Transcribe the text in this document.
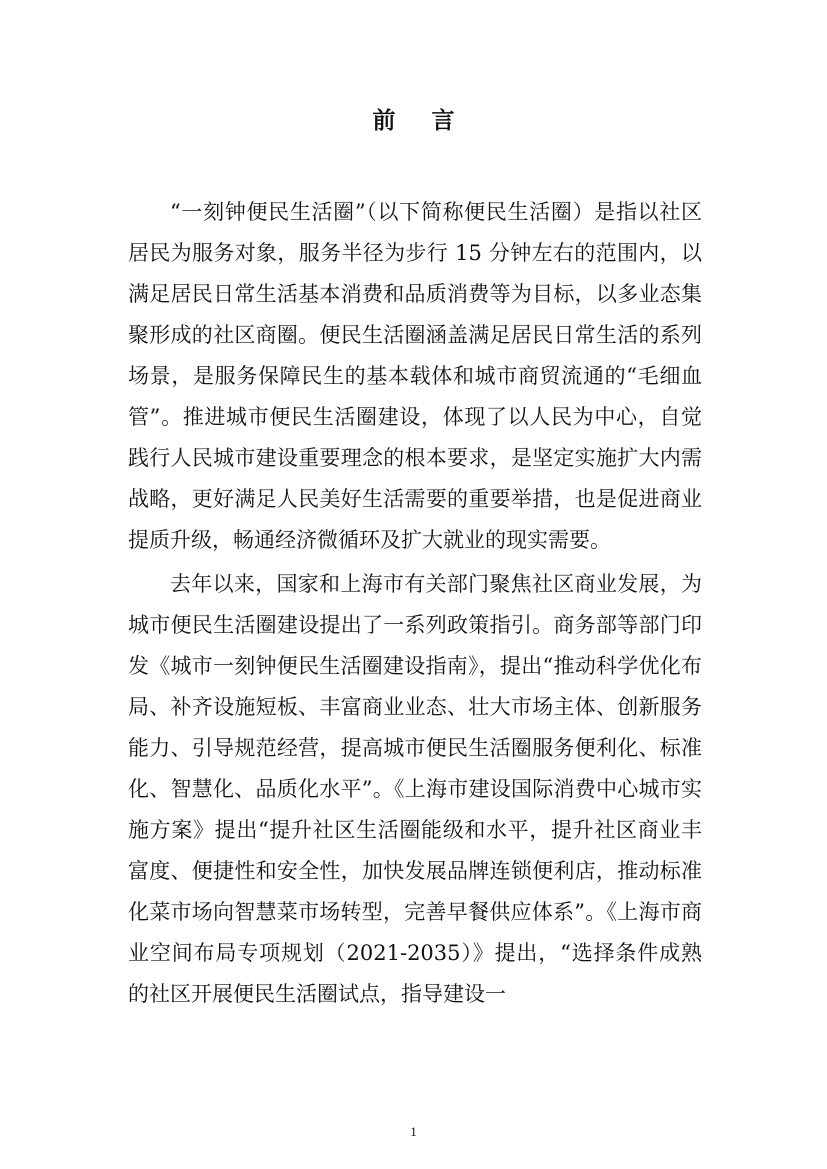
前 言

“一刻钟便民生活圈”（以下简称便民生活圈）是指以社区居民为服务对象，服务半径为步行 15 分钟左右的范围内，以满足居民日常生活基本消费和品质消费等为目标，以多业态集聚形成的社区商圈。便民生活圈涵盖满足居民日常生活的系列场景，是服务保障民生的基本载体和城市商贸流通的“毛细血管”。推进城市便民生活圈建设，体现了以人民为中心，自觉践行人民城市建设重要理念的根本要求，是坚定实施扩大内需战略，更好满足人民美好生活需要的重要举措，也是促进商业提质升级，畅通经济微循环及扩大就业的现实需要。

去年以来，国家和上海市有关部门聚焦社区商业发展，为城市便民生活圈建设提出了一系列政策指引。商务部等部门印发《城市一刻钟便民生活圈建设指南》，提出“推动科学优化布局、补齐设施短板、丰富商业业态、壮大市场主体、创新服务能力、引导规范经营，提高城市便民生活圈服务便利化、标准化、智慧化、品质化水平”。《上海市建设国际消费中心城市实施方案》提出“提升社区生活圈能级和水平，提升社区商业丰富度、便捷性和安全性，加快发展品牌连锁便利店，推动标准化菜市场向智慧菜市场转型，完善早餐供应体系”。《上海市商业空间布局专项规划（2021-2035）》提出，“选择条件成熟的社区开展便民生活圈试点，指导建设一

1
